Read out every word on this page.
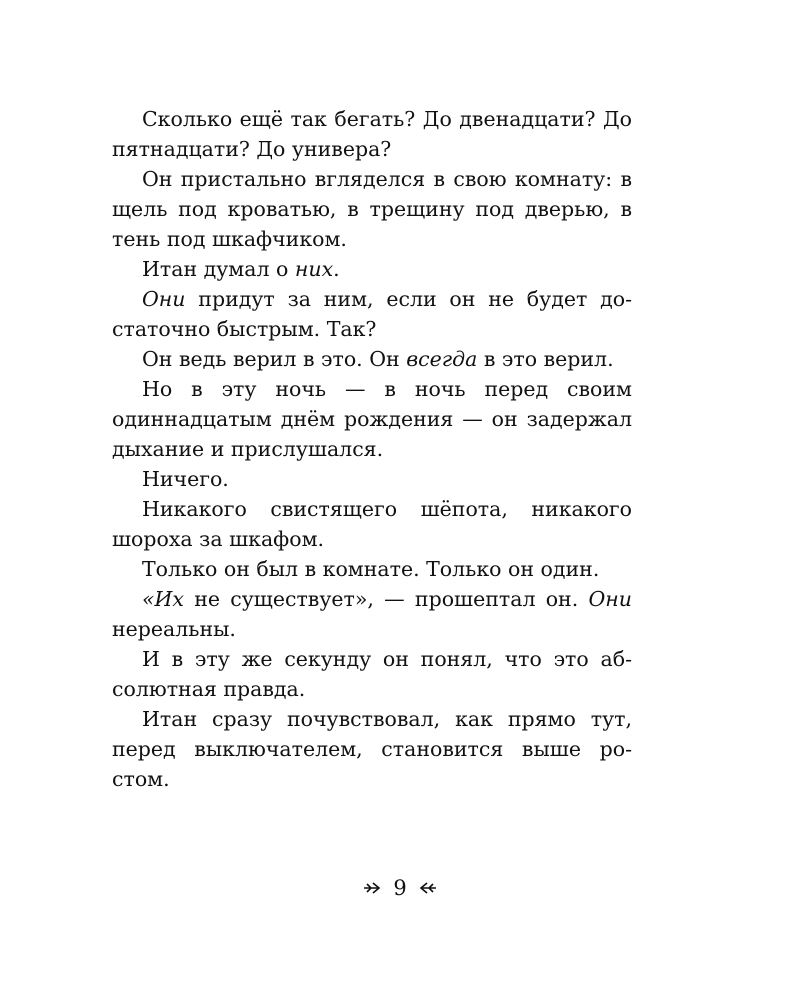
Сколько ещё так бегать? До двенадцати? До пятнадцати? До универа?

Он пристально вгляделся в свою комнату: в щель под кроватью, в трещину под дверью, в тень под шкафчиком.

Итан думал о них.

Они придут за ним, если он не будет достаточно быстрым. Так?

Он ведь верил в это. Он всегда в это верил.

Но в эту ночь — в ночь перед своим одиннадцатым днём рождения — он задержал дыхание и прислушался.

Ничего.

Никакого свистящего шёпота, никакого шороха за шкафом.

Только он был в комнате. Только он один.

«Их не существует», — прошептал он. Они нереальны.

И в эту же секунду он понял, что это абсолютная правда.

Итан сразу почувствовал, как прямо тут, перед выключателем, становится выше ростом.

9
